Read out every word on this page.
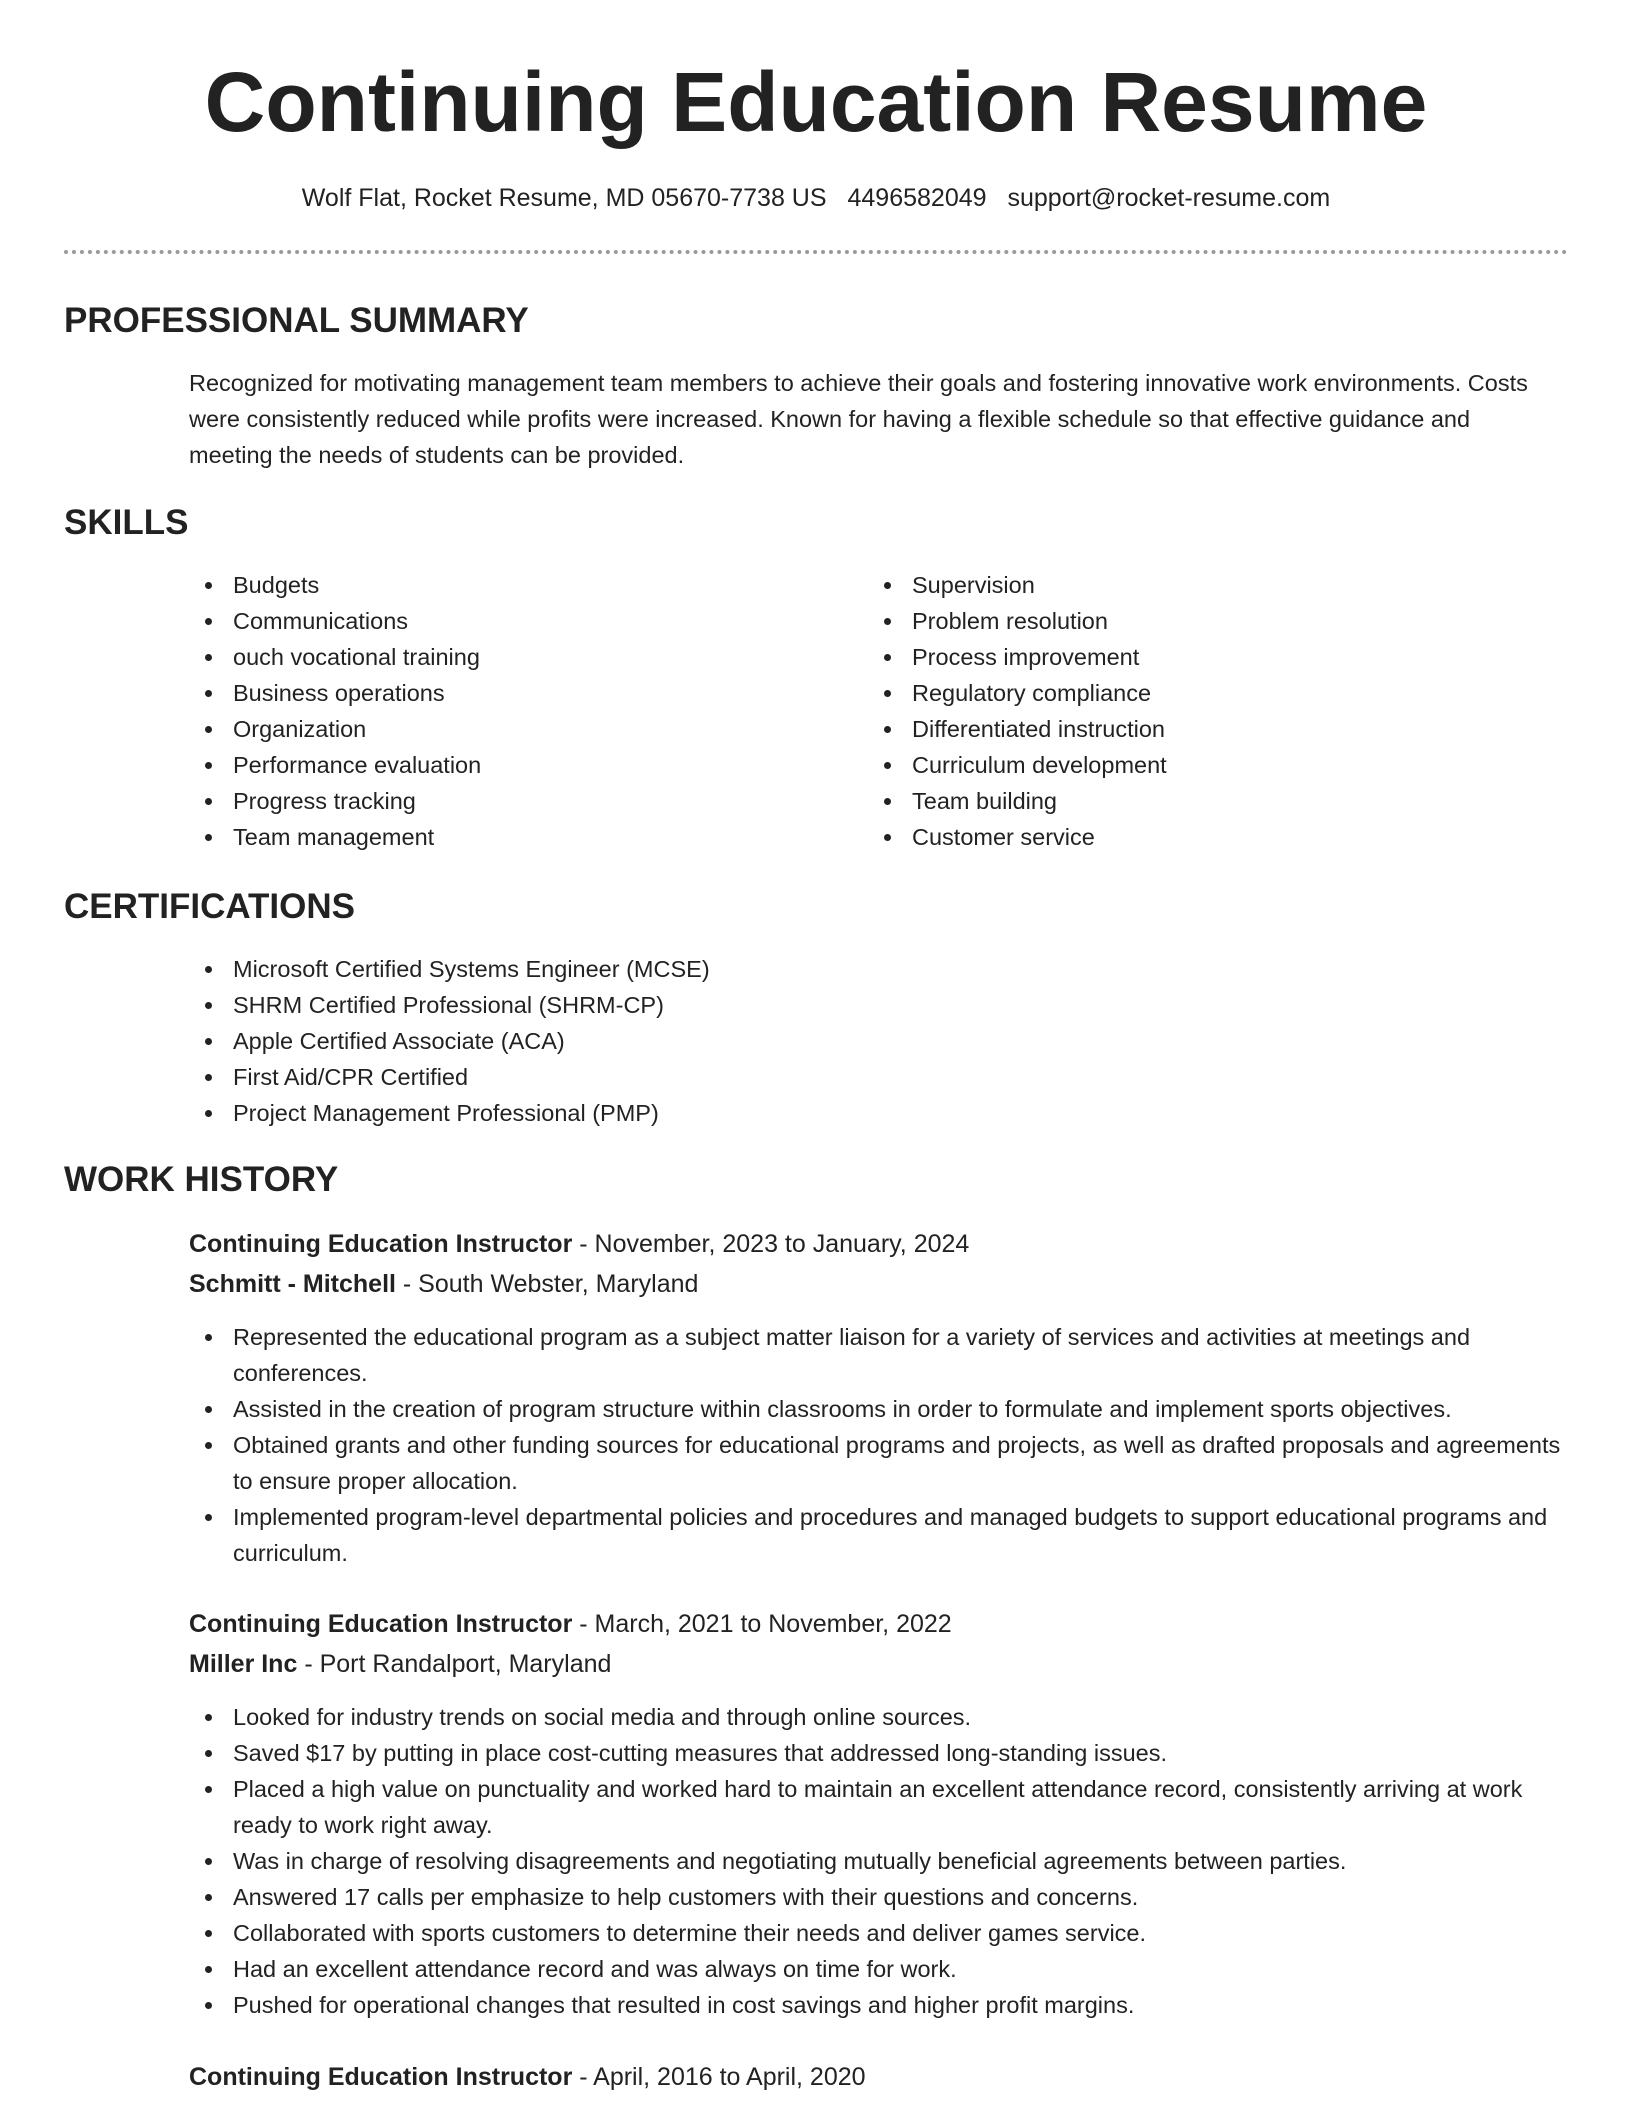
Continuing Education Resume
Wolf Flat, Rocket Resume, MD 05670-7738 US 4496582049 support@rocket-resume.com
PROFESSIONAL SUMMARY

Recognized for motivating management team members to achieve their goals and fostering innovative work environments. Costs were consistently reduced while profits were increased. Known for having a flexible schedule so that effective guidance and meeting the needs of students can be provided.

SKILLS
Budgets
Communications
ouch vocational training
Business operations
Organization
Performance evaluation
Progress tracking
Team management
Supervision
Problem resolution
Process improvement
Regulatory compliance
Differentiated instruction
Curriculum development
Team building
Customer service
CERTIFICATIONS
Microsoft Certified Systems Engineer (MCSE)
SHRM Certified Professional (SHRM-CP)
Apple Certified Associate (ACA)
First Aid/CPR Certified
Project Management Professional (PMP)
WORK HISTORY
Continuing Education Instructor - November, 2023 to January, 2024
Schmitt - Mitchell - South Webster, Maryland
Represented the educational program as a subject matter liaison for a variety of services and activities at meetings and conferences.
Assisted in the creation of program structure within classrooms in order to formulate and implement sports objectives.
Obtained grants and other funding sources for educational programs and projects, as well as drafted proposals and agreements to ensure proper allocation.
Implemented program-level departmental policies and procedures and managed budgets to support educational programs and curriculum.
Continuing Education Instructor - March, 2021 to November, 2022
Miller Inc - Port Randalport, Maryland
Looked for industry trends on social media and through online sources.
Saved $17 by putting in place cost-cutting measures that addressed long-standing issues.
Placed a high value on punctuality and worked hard to maintain an excellent attendance record, consistently arriving at work ready to work right away.
Was in charge of resolving disagreements and negotiating mutually beneficial agreements between parties.
Answered 17 calls per emphasize to help customers with their questions and concerns.
Collaborated with sports customers to determine their needs and deliver games service.
Had an excellent attendance record and was always on time for work.
Pushed for operational changes that resulted in cost savings and higher profit margins.
Continuing Education Instructor - April, 2016 to April, 2020
